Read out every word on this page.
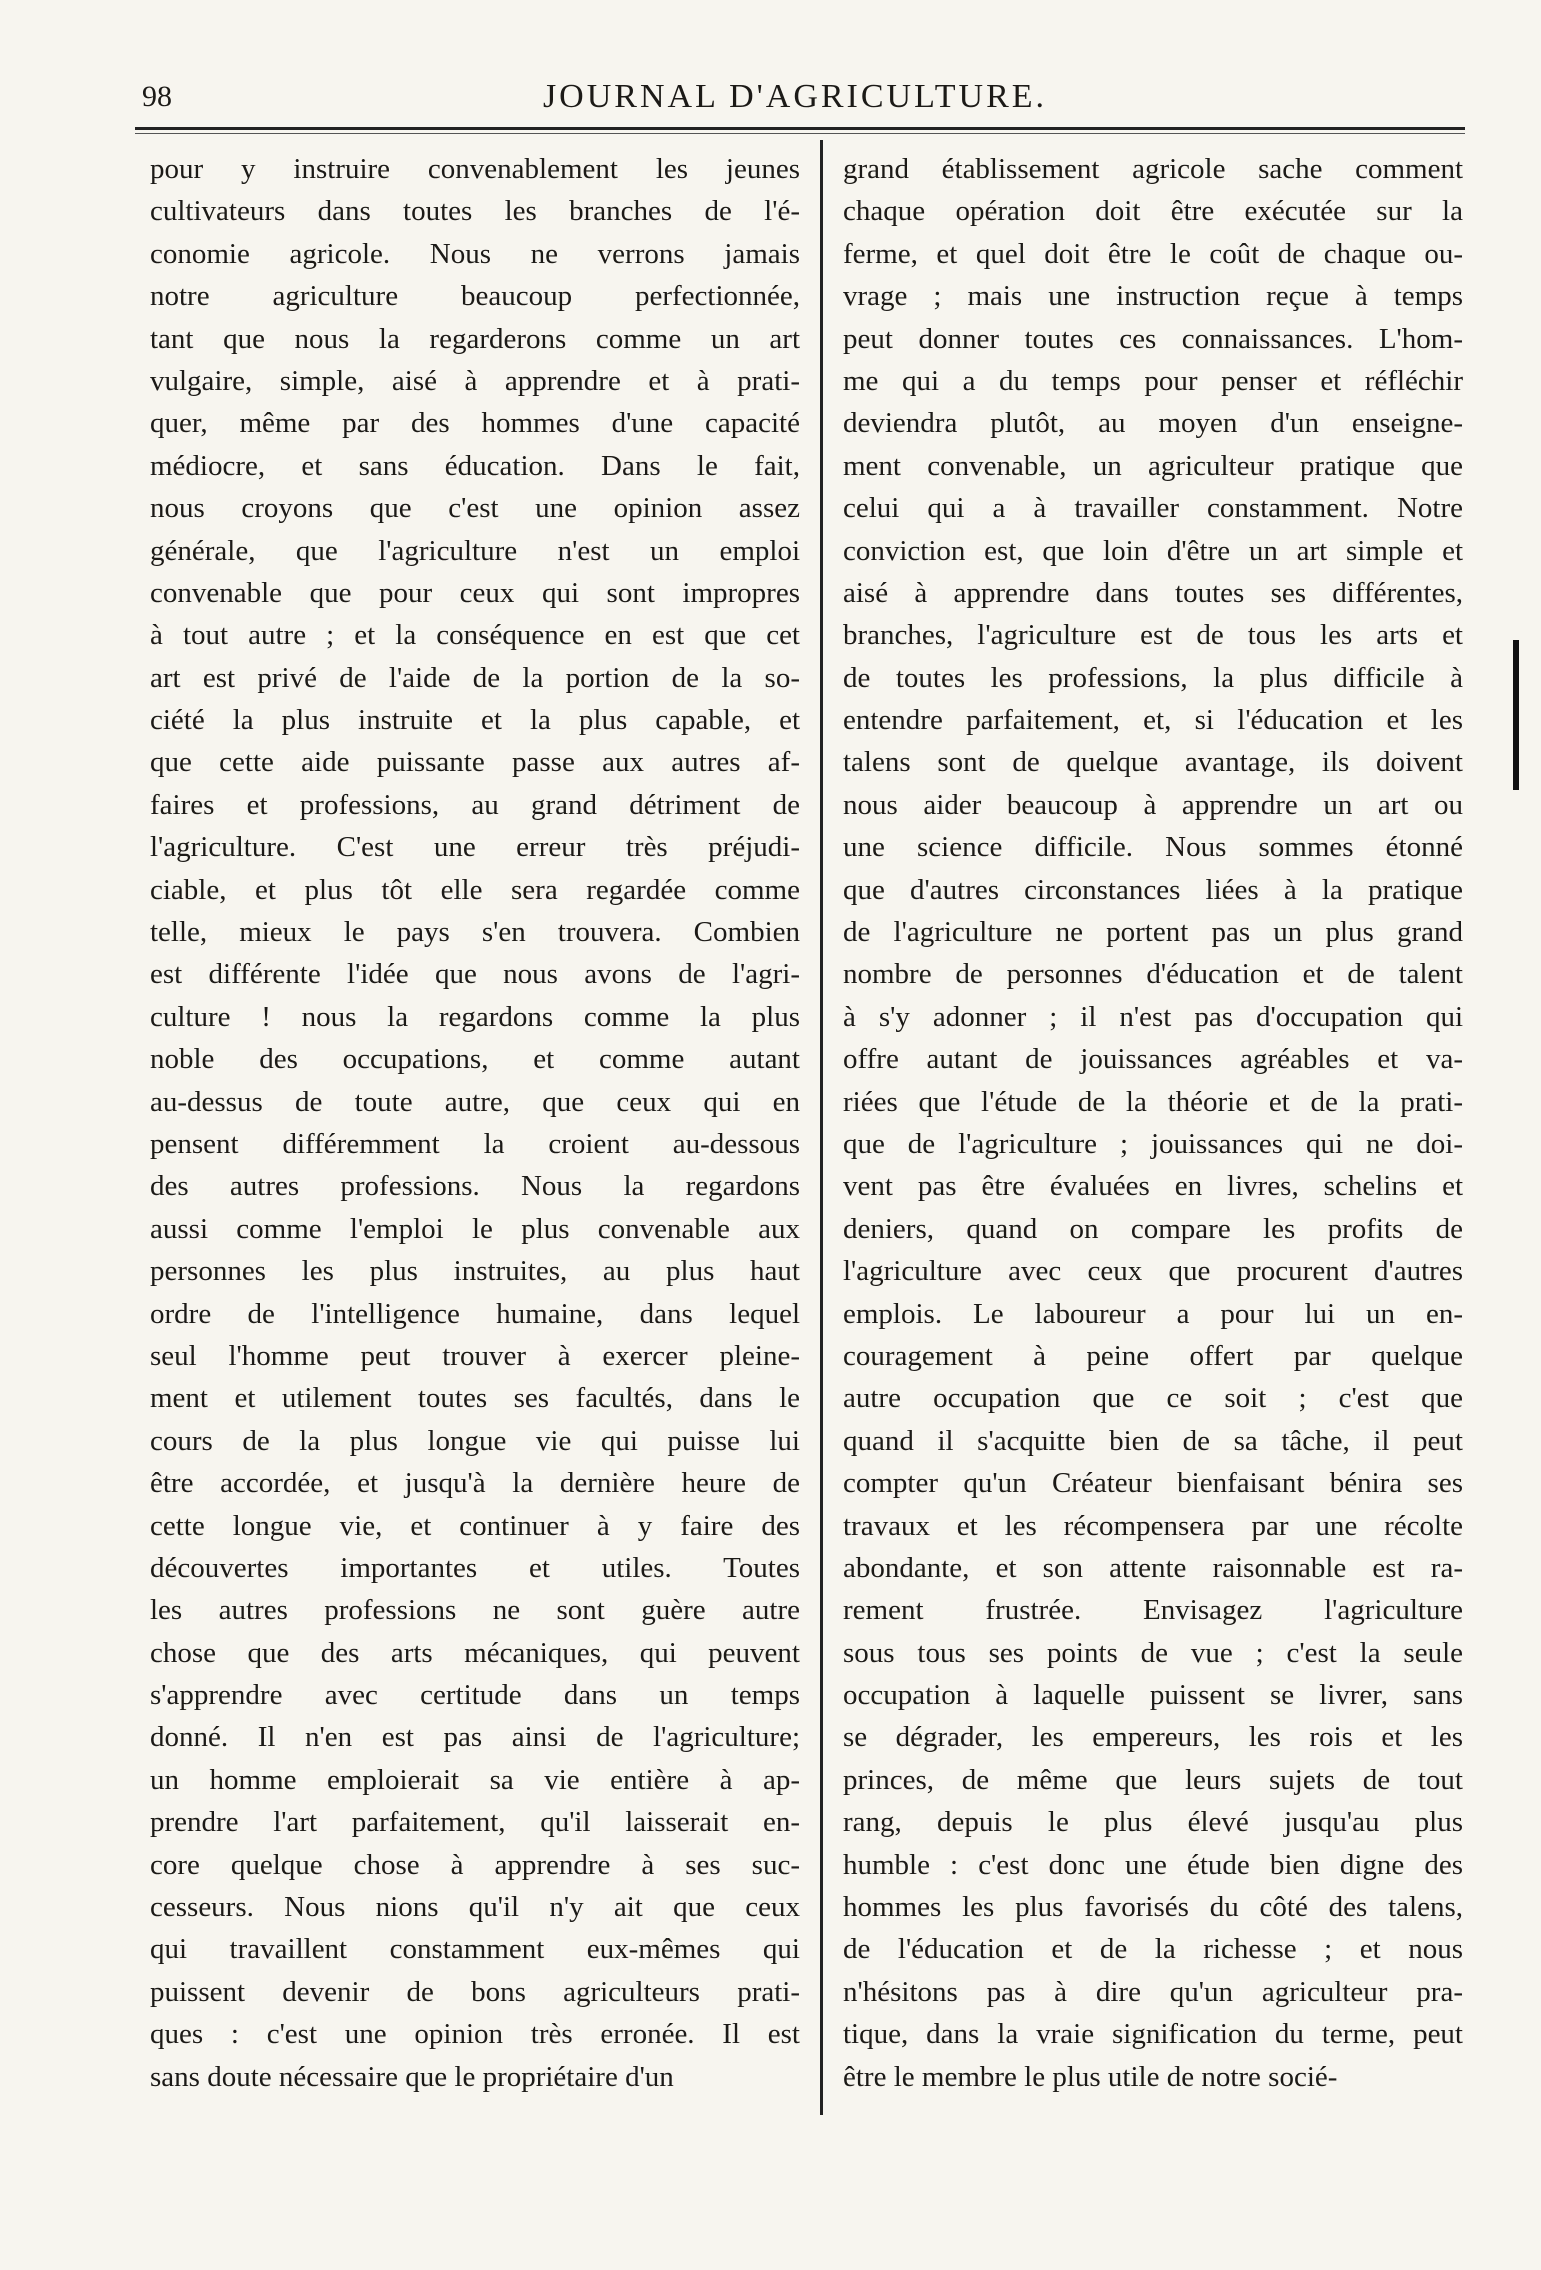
98	JOURNAL D'AGRICULTURE.
pour y instruire convenablement les jeunes
cultivateurs dans toutes les branches de l'é-
conomie agricole. Nous ne verrons jamais
notre agriculture beaucoup perfectionnée,
tant que nous la regarderons comme un art
vulgaire, simple, aisé à apprendre et à prati-
quer, même par des hommes d'une capacité
médiocre, et sans éducation. Dans le fait,
nous croyons que c'est une opinion assez
générale, que l'agriculture n'est un emploi
convenable que pour ceux qui sont impropres
à tout autre ; et la conséquence en est que cet
art est privé de l'aide de la portion de la so-
ciété la plus instruite et la plus capable, et
que cette aide puissante passe aux autres af-
faires et professions, au grand détriment de
l'agriculture. C'est une erreur très préjudi-
ciable, et plus tôt elle sera regardée comme
telle, mieux le pays s'en trouvera. Combien
est différente l'idée que nous avons de l'agri-
culture ! nous la regardons comme la plus
noble des occupations, et comme autant
au-dessus de toute autre, que ceux qui en
pensent différemment la croient au-dessous
des autres professions. Nous la regardons
aussi comme l'emploi le plus convenable aux
personnes les plus instruites, au plus haut
ordre de l'intelligence humaine, dans lequel
seul l'homme peut trouver à exercer pleine-
ment et utilement toutes ses facultés, dans le
cours de la plus longue vie qui puisse lui
être accordée, et jusqu'à la dernière heure de
cette longue vie, et continuer à y faire des
découvertes importantes et utiles. Toutes
les autres professions ne sont guère autre
chose que des arts mécaniques, qui peuvent
s'apprendre avec certitude dans un temps
donné. Il n'en est pas ainsi de l'agriculture;
un homme emploierait sa vie entière à ap-
prendre l'art parfaitement, qu'il laisserait en-
core quelque chose à apprendre à ses suc-
cesseurs. Nous nions qu'il n'y ait que ceux
qui travaillent constamment eux-mêmes qui
puissent devenir de bons agriculteurs prati-
ques : c'est une opinion très erronée. Il est
sans doute nécessaire que le propriétaire d'un
grand établissement agricole sache comment
chaque opération doit être exécutée sur la
ferme, et quel doit être le coût de chaque ou-
vrage ; mais une instruction reçue à temps
peut donner toutes ces connaissances. L'hom-
me qui a du temps pour penser et réfléchir
deviendra plutôt, au moyen d'un enseigne-
ment convenable, un agriculteur pratique que
celui qui a à travailler constamment. Notre
conviction est, que loin d'être un art simple et
aisé à apprendre dans toutes ses différentes,
branches, l'agriculture est de tous les arts et
de toutes les professions, la plus difficile à
entendre parfaitement, et, si l'éducation et les
talens sont de quelque avantage, ils doivent
nous aider beaucoup à apprendre un art ou
une science difficile. Nous sommes étonné
que d'autres circonstances liées à la pratique
de l'agriculture ne portent pas un plus grand
nombre de personnes d'éducation et de talent
à s'y adonner ; il n'est pas d'occupation qui
offre autant de jouissances agréables et va-
riées que l'étude de la théorie et de la prati-
que de l'agriculture ; jouissances qui ne doi-
vent pas être évaluées en livres, schelins et
deniers, quand on compare les profits de
l'agriculture avec ceux que procurent d'autres
emplois. Le laboureur a pour lui un en-
couragement à peine offert par quelque
autre occupation que ce soit ; c'est que
quand il s'acquitte bien de sa tâche, il peut
compter qu'un Créateur bienfaisant bénira ses
travaux et les récompensera par une récolte
abondante, et son attente raisonnable est ra-
rement frustrée. Envisagez l'agriculture
sous tous ses points de vue ; c'est la seule
occupation à laquelle puissent se livrer, sans
se dégrader, les empereurs, les rois et les
princes, de même que leurs sujets de tout
rang, depuis le plus élevé jusqu'au plus
humble : c'est donc une étude bien digne des
hommes les plus favorisés du côté des talens,
de l'éducation et de la richesse ; et nous
n'hésitons pas à dire qu'un agriculteur pra-
tique, dans la vraie signification du terme, peut
être le membre le plus utile de notre socié-
